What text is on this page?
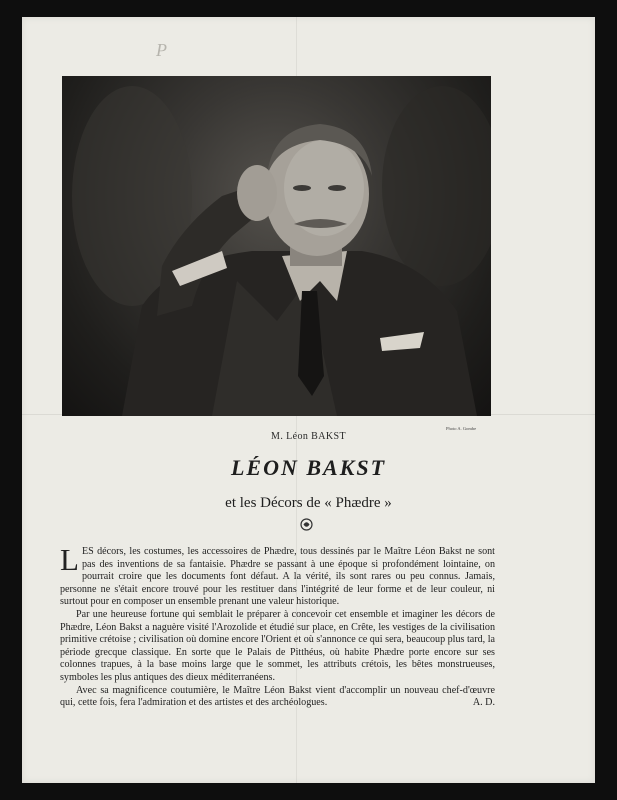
P
Photo A. Gombe
M. Léon BAKST
LÉON BAKST
et les Décors de « Phædre »

LES décors, les costumes, les accessoires de Phædre, tous dessinés par le Maître Léon Bakst ne sont pas des inventions de sa fantaisie. Phædre se passant à une époque si profondément lointaine, on pourrait croire que les documents font défaut. A la vérité, ils sont rares ou peu connus. Jamais, personne ne s'était encore trouvé pour les restituer dans l'intégrité de leur forme et de leur couleur, ni surtout pour en composer un ensemble prenant une valeur historique.

Par une heureuse fortune qui semblait le préparer à concevoir cet ensemble et imaginer les décors de Phædre, Léon Bakst a naguère visité l'Arozolide et étudié sur place, en Crête, les vestiges de la civilisation primitive crétoise ; civilisation où domine encore l'Orient et où s'annonce ce qui sera, beaucoup plus tard, la période grecque classique. En sorte que le Palais de Pitthéus, où habite Phædre porte encore sur ses colonnes trapues, à la base moins large que le sommet, les attributs crétois, les bêtes monstrueuses, symboles les plus antiques des dieux méditerranéens.

Avec sa magnificence coutumière, le Maître Léon Bakst vient d'accomplir un nouveau chef-d'œuvre qui, cette fois, fera l'admiration et des artistes et des archéologues.	A. D.
